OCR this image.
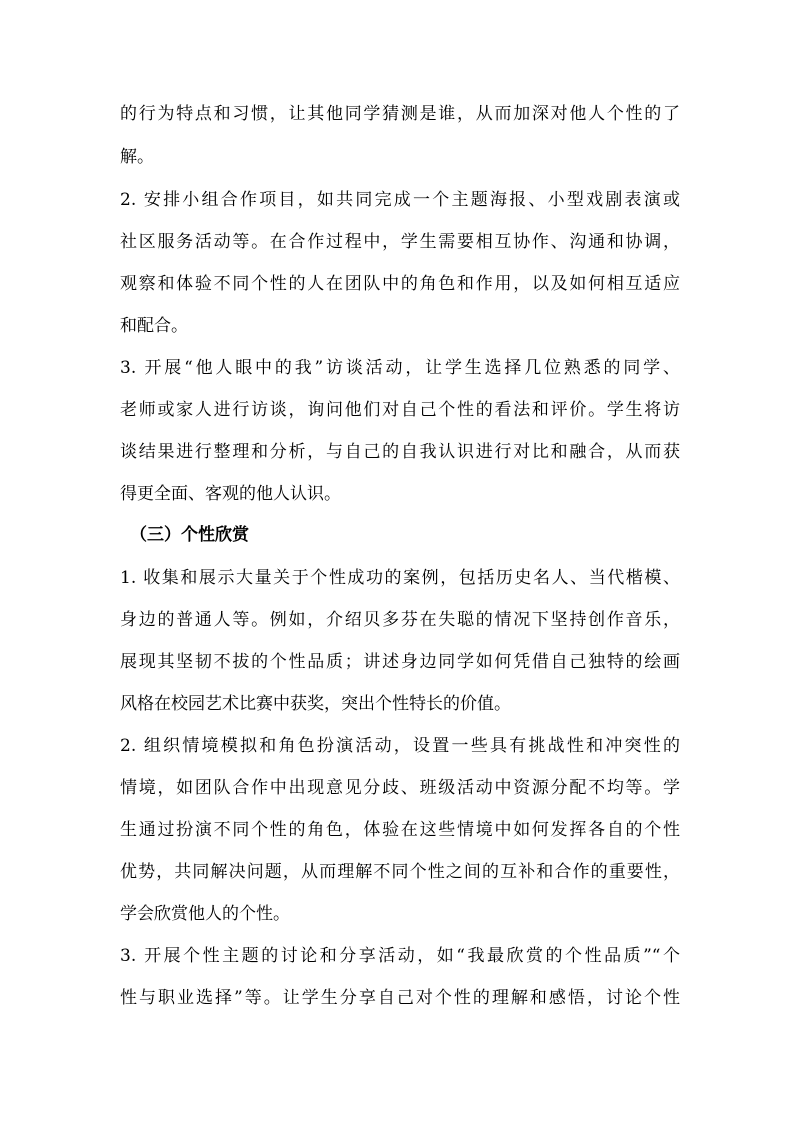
的行为特点和习惯，让其他同学猜测是谁，从而加深对他人个性的了
解。
2. 安排小组合作项目，如共同完成一个主题海报、小型戏剧表演或
社区服务活动等。在合作过程中，学生需要相互协作、沟通和协调，
观察和体验不同个性的人在团队中的角色和作用，以及如何相互适应
和配合。
3. 开展“他人眼中的我”访谈活动，让学生选择几位熟悉的同学、
老师或家人进行访谈，询问他们对自己个性的看法和评价。学生将访
谈结果进行整理和分析，与自己的自我认识进行对比和融合，从而获
得更全面、客观的他人认识。
（三）个性欣赏
1. 收集和展示大量关于个性成功的案例，包括历史名人、当代楷模、
身边的普通人等。例如，介绍贝多芬在失聪的情况下坚持创作音乐，
展现其坚韧不拔的个性品质；讲述身边同学如何凭借自己独特的绘画
风格在校园艺术比赛中获奖，突出个性特长的价值。
2. 组织情境模拟和角色扮演活动，设置一些具有挑战性和冲突性的
情境，如团队合作中出现意见分歧、班级活动中资源分配不均等。学
生通过扮演不同个性的角色，体验在这些情境中如何发挥各自的个性
优势，共同解决问题，从而理解不同个性之间的互补和合作的重要性，
学会欣赏他人的个性。
3. 开展个性主题的讨论和分享活动，如“我最欣赏的个性品质”“个
性与职业选择”等。让学生分享自己对个性的理解和感悟，讨论个性
